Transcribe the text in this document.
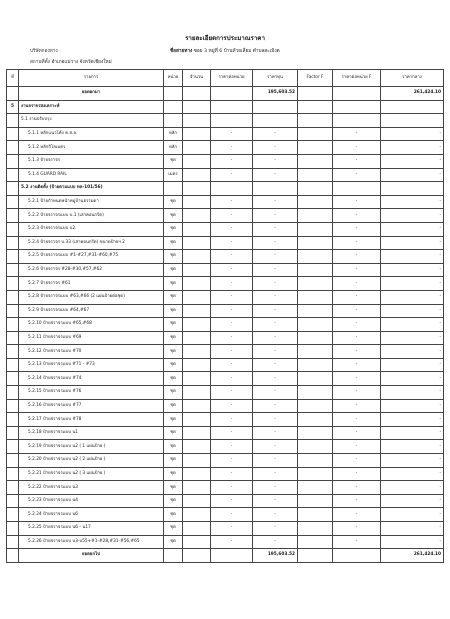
รายละเอียดการประมาณราคา
บริษัทกองทาง	ชื่อสายทาง ซอย 3 หมู่ที่ 6 บ้านห้วยเลี่ยม ตำบลสะเมิงต
สถานที่ตั้ง อำเภอแม่วาง จังหวัดเชียงใหม่
ที่	รายการ	หน่วย	จำนวน	ราคาต่อหน่วย	ราคาทุน	Factor F	ราคาต่อหน่วย F	ราคากลาง
	ยอดยกมา				195,603.52			261,424.10
5	งานจราจรสงเคราะห์							
	5.1 งานปรับปรุง							
	5.1.1 หลักแนวโค้ง ค.ส.ล.	หลัก		-	-		-	-
	5.1.2 หลักกิโลเมตร	หลัก		-	-		-	-
	5.1.3 ป้ายจราจร	ชุด		-	-		-	-
	5.1.4 GUARD RAIL	เมตร		-	-		-	-
	5.2 งานติดตั้ง (ป้ายตามแบบ ทล-101/56)							
	5.2.1 ป้ายกำหนดหน้าหมู่บ้านธรรมดา	ชุด		-	-		-	-
	5.2.2 ป้ายจราจรแบบ บ.1 (เสาคอนกรีต)	ชุด		-	-		-	-
	5.2.3 ป้ายจราจรแบบ บ2.	ชุด		-	-		-	-
	5.2.4 ป้ายจราจร บ.33 (เสาคอนกรีต) ขนาดป้ายฯ 2	ชุด		-	-		-	-
	5.2.5 ป้ายจราจรแบบ #1-#27,#31-#60,#75	ชุด		-	-		-	-
	5.2.6 ป้ายจราจร #28-#30,#57,#62	ชุด		-	-		-	-
	5.2.7 ป้ายจราจร #61	ชุด		-	-		-	-
	5.2.8 ป้ายจราจรแบบ #63,#66 (2 แผ่นป้ายต่อชุด)	ชุด		-	-		-	-
	5.2.9 ป้ายจราจรแบบ #64,#67	ชุด		-	-		-	-
	5.2.10 ป้ายจราจรแบบ #65,#68	ชุด		-	-		-	-
	5.2.11 ป้ายจราจรแบบ #69	ชุด		-	-		-	-
	5.2.12 ป้ายจราจรแบบ #70	ชุด		-	-		-	-
	5.2.13 ป้ายจราจรแบบ #71 - #73	ชุด		-	-		-	-
	5.2.14 ป้ายจราจรแบบ #74	ชุด		-	-		-	-
	5.2.15 ป้ายจราจรแบบ #76	ชุด		-	-		-	-
	5.2.16 ป้ายจราจรแบบ #77	ชุด		-	-		-	-
	5.2.17 ป้ายจราจรแบบ #78	ชุด		-	-		-	-
	5.2.18 ป้ายจราจรแบบ น1	ชุด		-	-		-	-
	5.2.19 ป้ายจราจรแบบ น2 ( 1 แผ่นป้าย )	ชุด		-	-		-	-
	5.2.20 ป้ายจราจรแบบ น2 ( 2 แผ่นป้าย )	ชุด		-	-		-	-
	5.2.21 ป้ายจราจรแบบ น2 ( 3 แผ่นป้าย )	ชุด		-	-		-	-
	5.2.22 ป้ายจราจรแบบ น3	ชุด		-	-		-	-
	5.2.23 ป้ายจราจรแบบ น4	ชุด		-	-		-	-
	5.2.24 ป้ายจราจรแบบ น6	ชุด		-	-		-	-
	5.2.25 ป้ายจราจรแบบ น6 - น17	ชุด		-	-		-	-
	5.2.26 ป้ายจราจรแบบ บ3-บ55+#1-#28,#31-#56,#65	ชุด		-	-		-	-
	ยอดยกไป				195,603.52			261,424.10
